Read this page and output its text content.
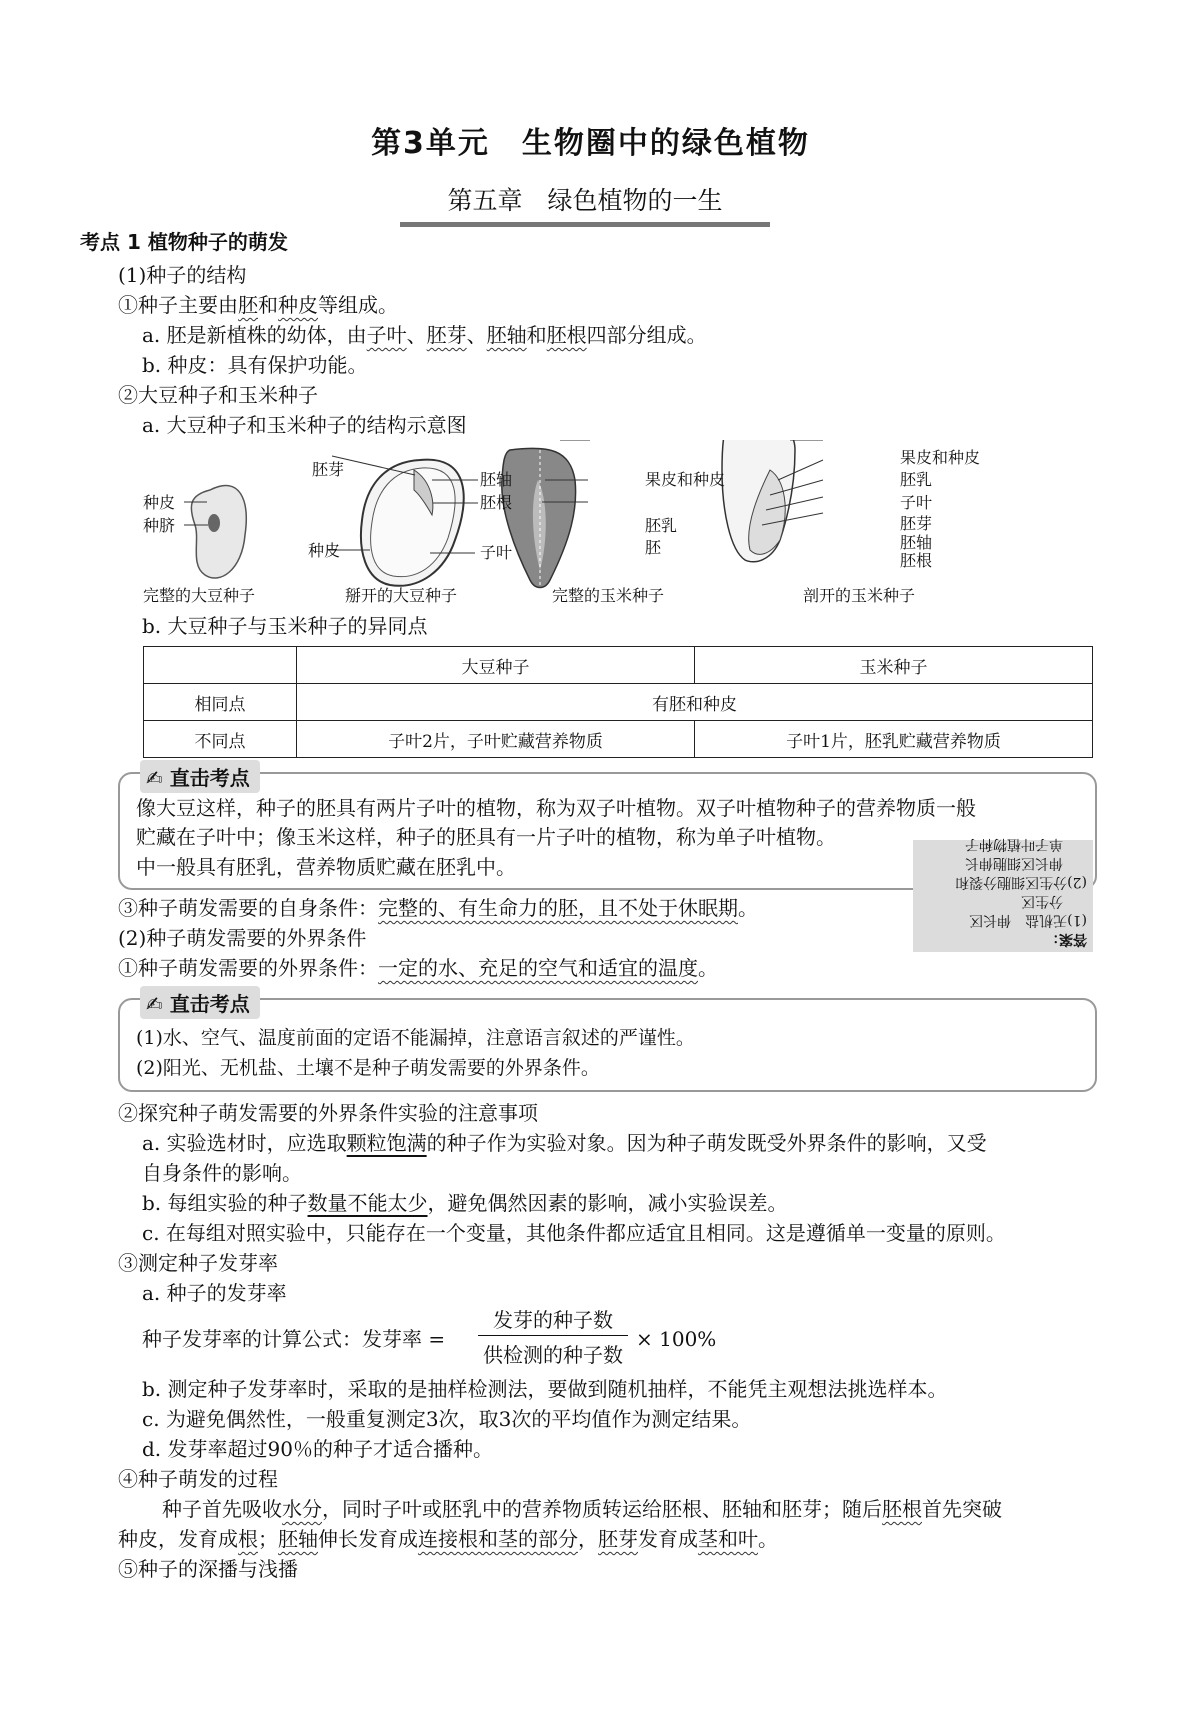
第3单元　生物圈中的绿色植物
第五章　绿色植物的一生
考点 1 植物种子的萌发
(1)种子的结构
①种子主要由胚和种皮等组成。
a. 胚是新植株的幼体，由子叶、胚芽、胚轴和胚根四部分组成。
b. 种皮：具有保护功能。
②大豆种子和玉米种子
a. 大豆种子和玉米种子的结构示意图
种皮
种脐
完整的大豆种子
胚芽
胚轴
胚根
种皮	子叶
掰开的大豆种子
果皮和种皮
胚乳
胚
完整的玉米种子
果皮和种皮
胚乳
子叶
胚芽
胚轴
胚根
剖开的玉米种子
b. 大豆种子与玉米种子的异同点
	大豆种子	玉米种子
相同点	有胚和种皮	
不同点	子叶2片，子叶贮藏营养物质	子叶1片，胚乳贮藏营养物质
✍ 直击考点
像大豆这样，种子的胚具有两片子叶的植物，称为双子叶植物。双子叶植物种子的营养物质一般
贮藏在子叶中；像玉米这样，种子的胚具有一片子叶的植物，称为单子叶植物。
中一般具有胚乳，营养物质贮藏在胚乳中。
答案：
(1)无机盐　伸长区
分生区
(2)分生区细胞分裂和
伸长区细胞伸长
单子叶植物种子
③种子萌发需要的自身条件：完整的、有生命力的胚，且不处于休眠期。
(2)种子萌发需要的外界条件
①种子萌发需要的外界条件：一定的水、充足的空气和适宜的温度。
✍ 直击考点
(1)水、空气、温度前面的定语不能漏掉，注意语言叙述的严谨性。
(2)阳光、无机盐、土壤不是种子萌发需要的外界条件。
②探究种子萌发需要的外界条件实验的注意事项
a. 实验选材时，应选取颗粒饱满的种子作为实验对象。因为种子萌发既受外界条件的影响，又受
自身条件的影响。
b. 每组实验的种子数量不能太少，避免偶然因素的影响，减小实验误差。
c. 在每组对照实验中，只能存在一个变量，其他条件都应适宜且相同。这是遵循单一变量的原则。
③测定种子发芽率
a. 种子的发芽率
种子发芽率的计算公式：发芽率 =
发芽的种子数
供检测的种子数
× 100%
b. 测定种子发芽率时，采取的是抽样检测法，要做到随机抽样，不能凭主观想法挑选样本。
c. 为避免偶然性，一般重复测定3次，取3次的平均值作为测定结果。
d. 发芽率超过90％的种子才适合播种。
④种子萌发的过程
种子首先吸收水分，同时子叶或胚乳中的营养物质转运给胚根、胚轴和胚芽；随后胚根首先突破
种皮，发育成根；胚轴伸长发育成连接根和茎的部分，胚芽发育成茎和叶。
⑤种子的深播与浅播
